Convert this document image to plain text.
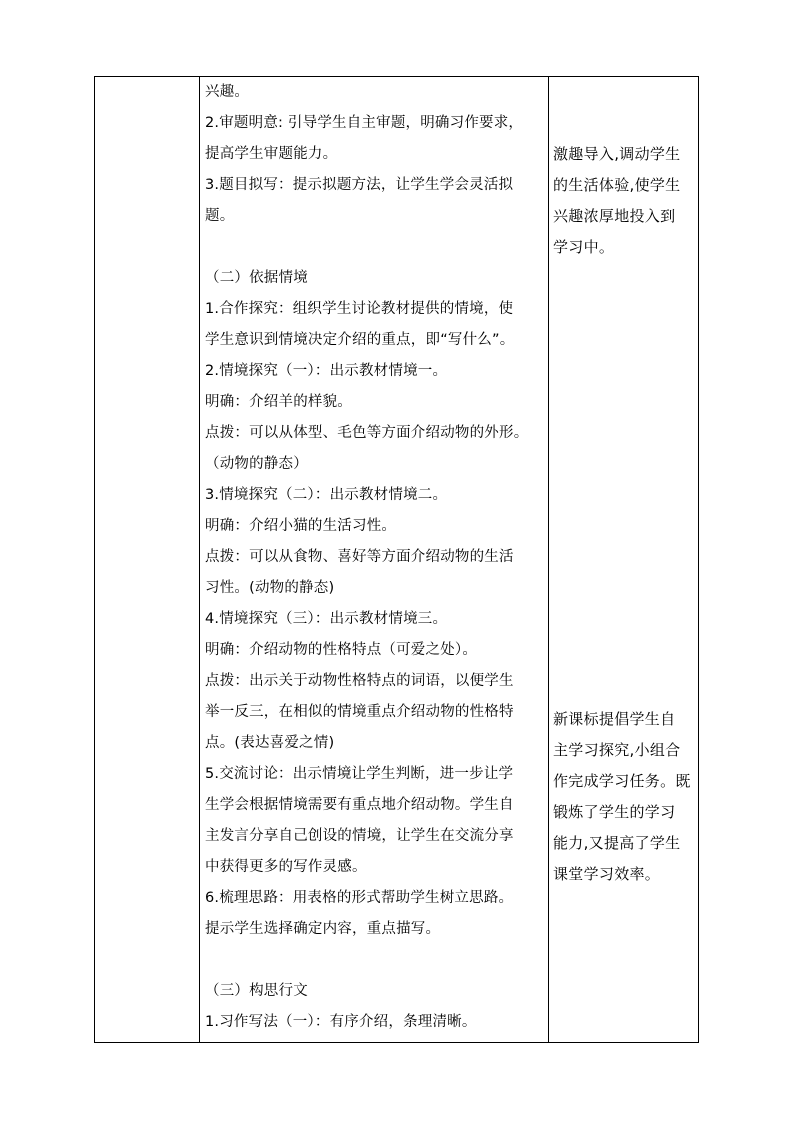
兴趣。
2.审题明意: 引导学生自主审题，明确习作要求，
提高学生审题能力。
3.题目拟写：提示拟题方法，让学生学会灵活拟
题。
（二）依据情境
1.合作探究：组织学生讨论教材提供的情境，使
学生意识到情境决定介绍的重点，即“写什么”。
2.情境探究（一）：出示教材情境一。
明确：介绍羊的样貌。
点拨：可以从体型、毛色等方面介绍动物的外形。
（动物的静态）
3.情境探究（二）：出示教材情境二。
明确：介绍小猫的生活习性。
点拨：可以从食物、喜好等方面介绍动物的生活
习性。(动物的静态)
4.情境探究（三）：出示教材情境三。
明确：介绍动物的性格特点（可爱之处）。
点拨：出示关于动物性格特点的词语，以便学生
举一反三，在相似的情境重点介绍动物的性格特
点。(表达喜爱之情)
5.交流讨论：出示情境让学生判断，进一步让学
生学会根据情境需要有重点地介绍动物。学生自
主发言分享自己创设的情境，让学生在交流分享
中获得更多的写作灵感。
6.梳理思路：用表格的形式帮助学生树立思路。
提示学生选择确定内容，重点描写。
（三）构思行文
1.习作写法（一）：有序介绍，条理清晰。
激趣导入,调动学生
的生活体验,使学生
兴趣浓厚地投入到
学习中。
新课标提倡学生自
主学习探究,小组合
作完成学习任务。既
锻炼了学生的学习
能力,又提高了学生
课堂学习效率。
